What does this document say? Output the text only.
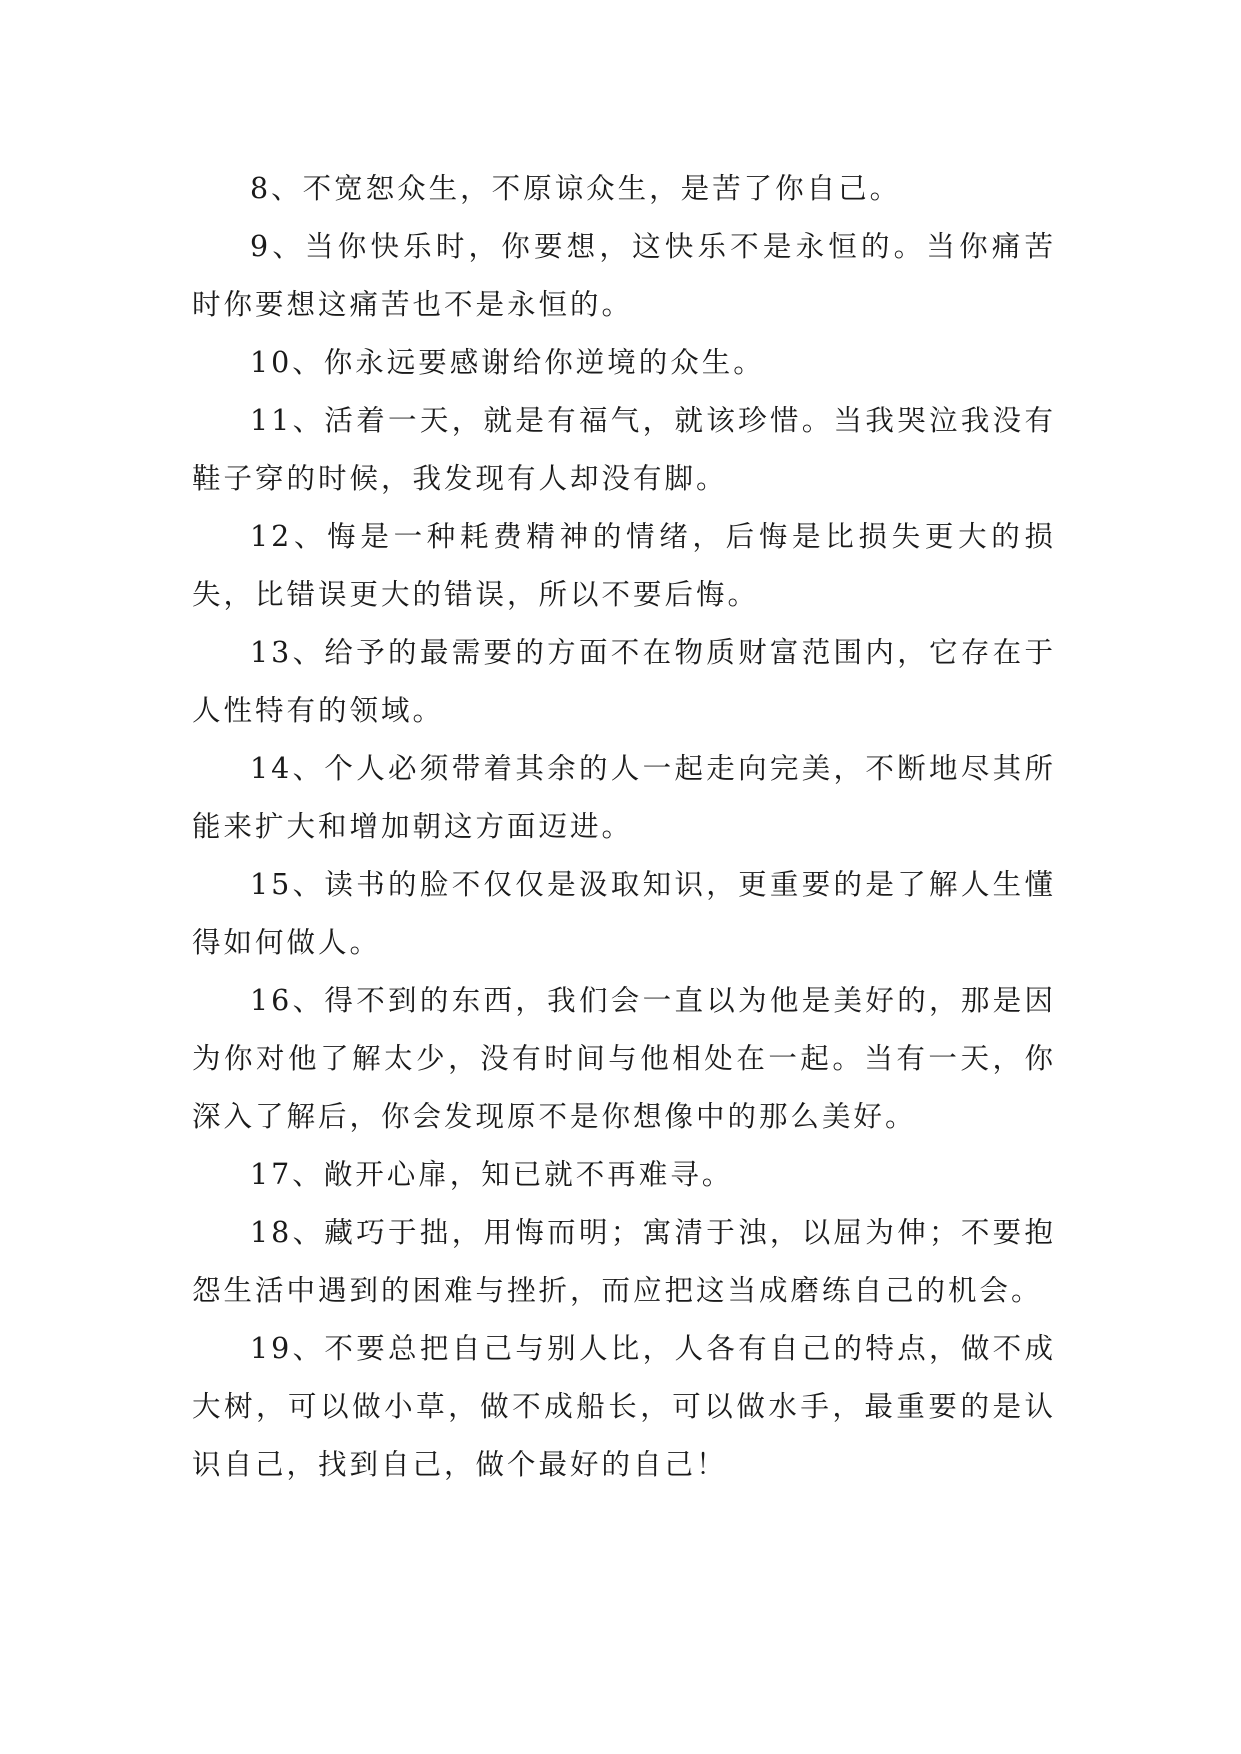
8、不宽恕众生，不原谅众生，是苦了你自己。

9、当你快乐时，你要想，这快乐不是永恒的。当你痛苦时你要想这痛苦也不是永恒的。

10、你永远要感谢给你逆境的众生。

11、活着一天，就是有福气，就该珍惜。当我哭泣我没有鞋子穿的时候，我发现有人却没有脚。

12、悔是一种耗费精神的情绪，后悔是比损失更大的损失，比错误更大的错误，所以不要后悔。

13、给予的最需要的方面不在物质财富范围内，它存在于人性特有的领域。

14、个人必须带着其余的人一起走向完美，不断地尽其所能来扩大和增加朝这方面迈进。

15、读书的脸不仅仅是汲取知识，更重要的是了解人生懂得如何做人。

16、得不到的东西，我们会一直以为他是美好的，那是因为你对他了解太少，没有时间与他相处在一起。当有一天，你深入了解后，你会发现原不是你想像中的那么美好。

17、敞开心扉，知已就不再难寻。

18、藏巧于拙，用悔而明；寓清于浊，以屈为伸；不要抱怨生活中遇到的困难与挫折，而应把这当成磨练自己的机会。

19、不要总把自己与别人比，人各有自己的特点，做不成大树，可以做小草，做不成船长，可以做水手，最重要的是认识自己，找到自己，做个最好的自己！
